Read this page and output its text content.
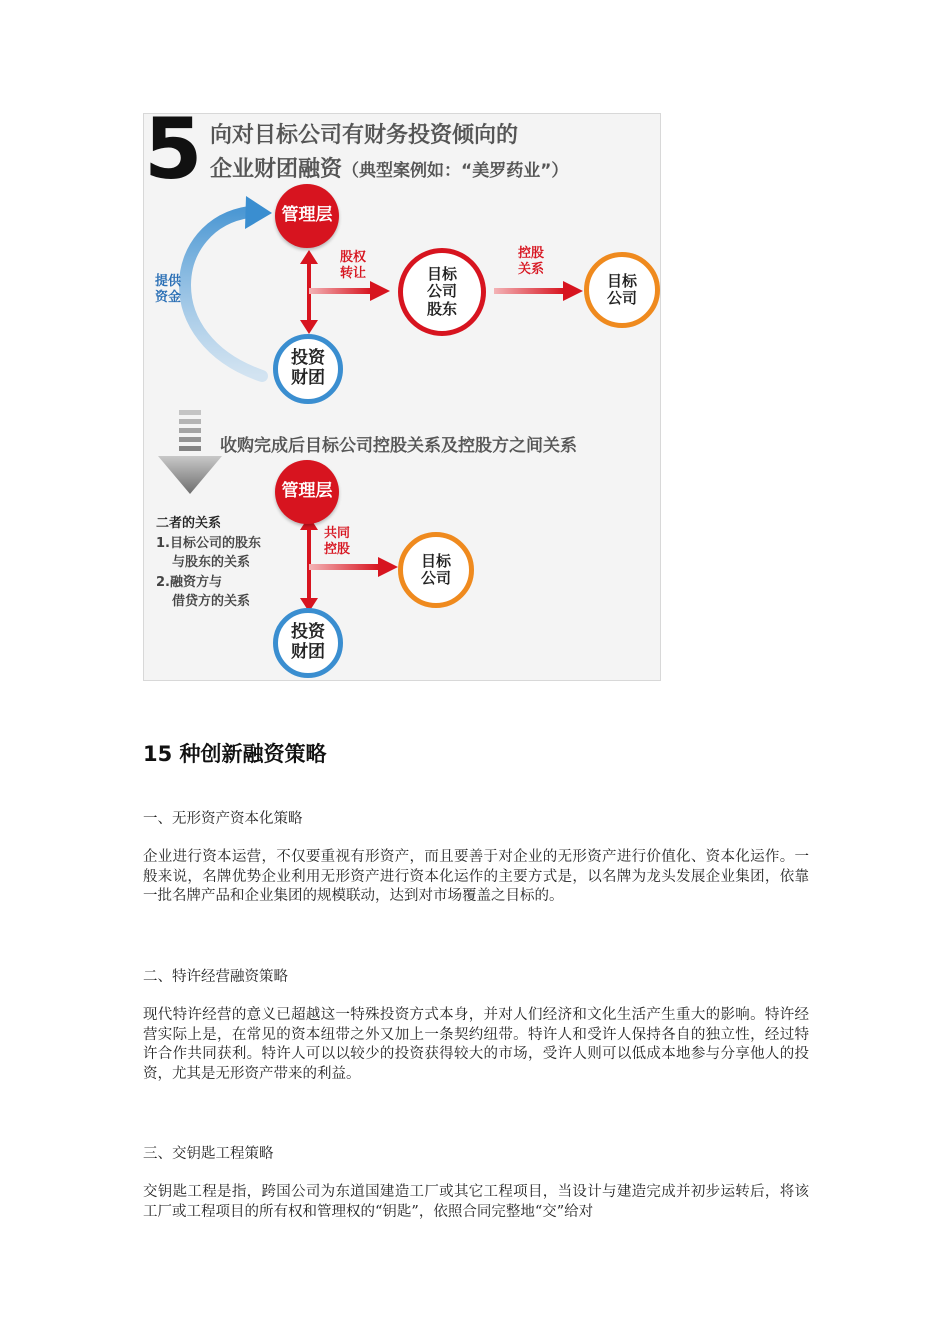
5 向对目标公司有财务投资倾向的
企业财团融资（典型案例如：“美罗药业”）
管理层
投资财团
目标公司股东
目标公司
提供资金
股权转让
控股关系
收购完成后目标公司控股关系及控股方之间关系
管理层
投资财团
目标公司
共同控股
二者的关系
1.目标公司的股东
与股东的关系
2.融资方与
借贷方的关系
15 种创新融资策略
一、无形资产资本化策略
企业进行资本运营，不仅要重视有形资产，而且要善于对企业的无形资产进行价值化、资本化运作。一般来说，名牌优势企业利用无形资产进行资本化运作的主要方式是，以名牌为龙头发展企业集团，依靠一批名牌产品和企业集团的规模联动，达到对市场覆盖之目标的。
二、特许经营融资策略
现代特许经营的意义已超越这一特殊投资方式本身，并对人们经济和文化生活产生重大的影响。特许经营实际上是，在常见的资本纽带之外又加上一条契约纽带。特许人和受许人保持各自的独立性，经过特许合作共同获利。特许人可以以较少的投资获得较大的市场，受许人则可以低成本地参与分享他人的投资，尤其是无形资产带来的利益。
三、交钥匙工程策略
交钥匙工程是指，跨国公司为东道国建造工厂或其它工程项目，当设计与建造完成并初步运转后，将该工厂或工程项目的所有权和管理权的“钥匙”，依照合同完整地“交”给对
